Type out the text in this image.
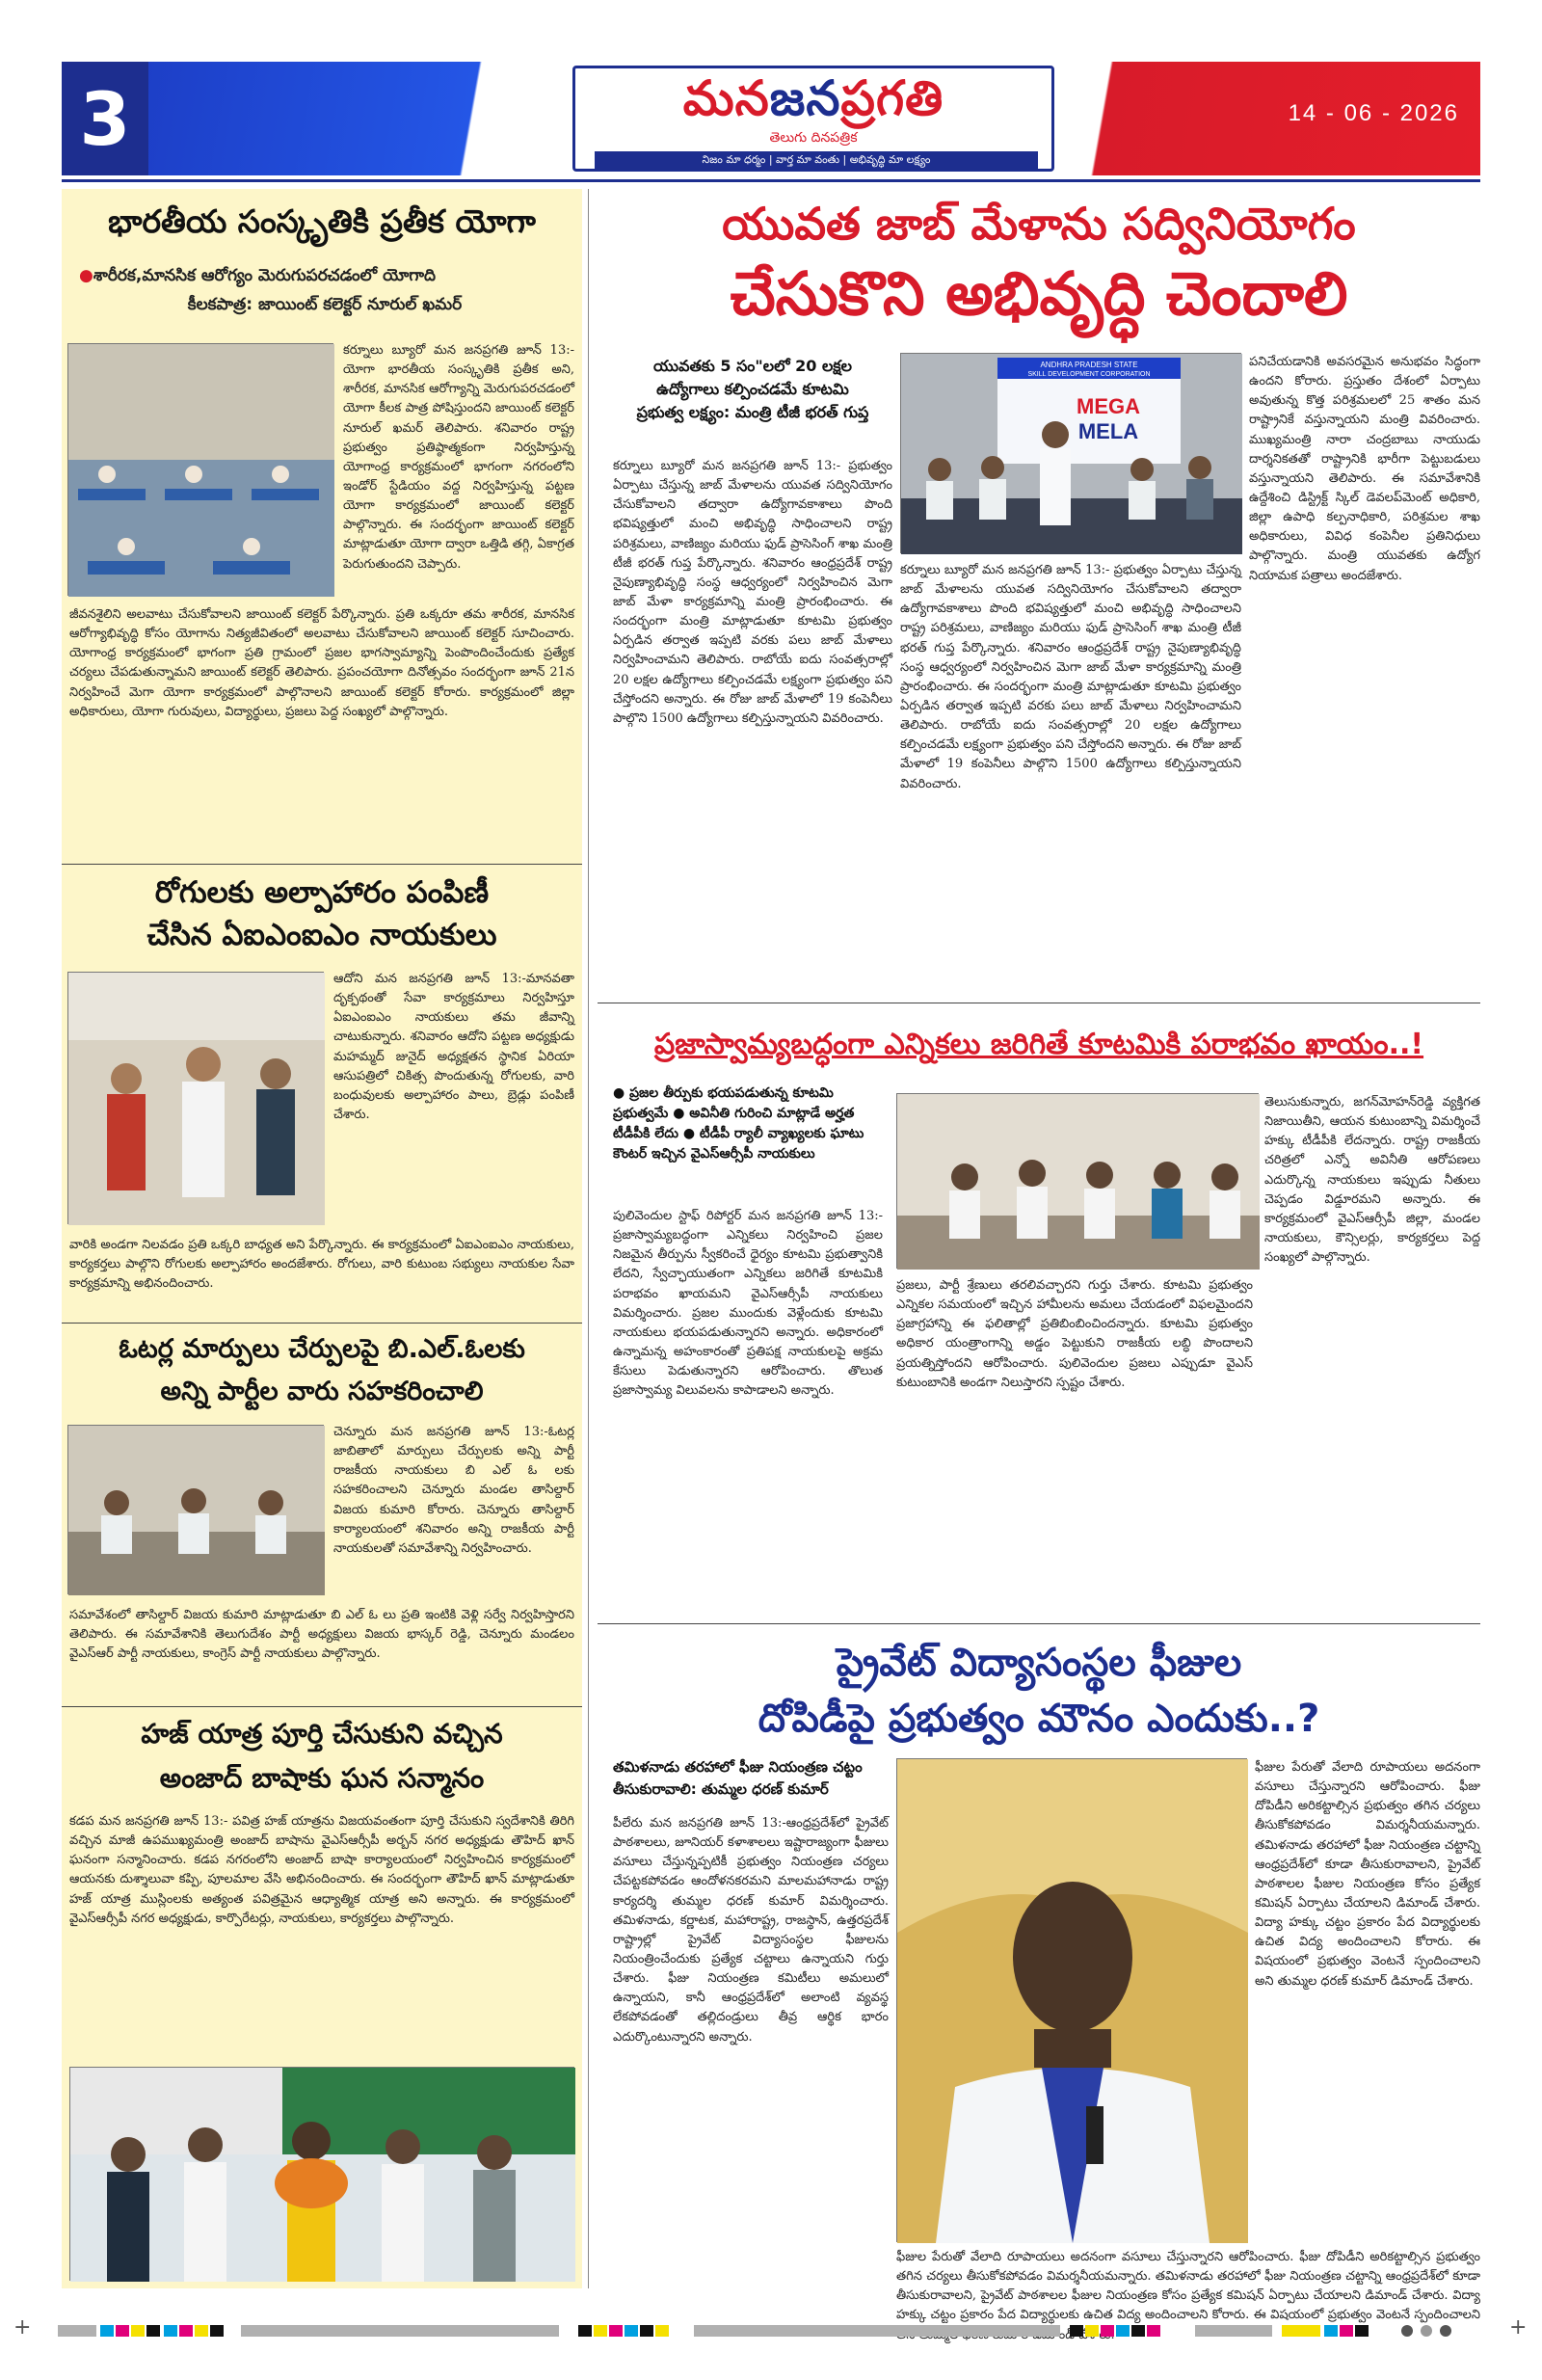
3	మనజనప్రగతి
తెలుగు దినపత్రిక
నిజం మా ధర్మం | వార్త మా వంతు | అభివృద్ధి మా లక్ష్యం
14 - 06 - 2026
భారతీయ సంస్కృతికి ప్రతీక యోగా
●శారీరక,మానసిక ఆరోగ్యం మెరుగుపరచడంలో యోగాది
కీలకపాత్ర: జాయింట్ కలెక్టర్ నూరుల్ ఖమర్
కర్నూలు బ్యూరో మన జనప్రగతి జూన్ 13:- యోగా భారతీయ సంస్కృతికి ప్రతీక అని, శారీరక, మానసిక ఆరోగ్యాన్ని మెరుగుపరచడంలో యోగా కీలక పాత్ర పోషిస్తుందని జాయింట్ కలెక్టర్ నూరుల్ ఖమర్ తెలిపారు. శనివారం రాష్ట్ర ప్రభుత్వం ప్రతిష్ఠాత్మకంగా నిర్వహిస్తున్న యోగాంధ్ర కార్యక్రమంలో భాగంగా నగరంలోని ఇండోర్ స్టేడియం వద్ద నిర్వహిస్తున్న పట్టణ యోగా కార్యక్రమంలో జాయింట్ కలెక్టర్ పాల్గొన్నారు. ఈ సందర్భంగా జాయింట్ కలెక్టర్ మాట్లాడుతూ యోగా ద్వారా ఒత్తిడి తగ్గి, ఏకాగ్రత పెరుగుతుందని చెప్పారు.
జీవనశైలిని అలవాటు చేసుకోవాలని జాయింట్ కలెక్టర్ పేర్కొన్నారు. ప్రతి ఒక్కరూ తమ శారీరక, మానసిక ఆరోగ్యాభివృద్ధి కోసం యోగాను నిత్యజీవితంలో అలవాటు చేసుకోవాలని జాయింట్ కలెక్టర్ సూచించారు. యోగాంధ్ర కార్యక్రమంలో భాగంగా ప్రతి గ్రామంలో ప్రజల భాగస్వామ్యాన్ని పెంపొందించేందుకు ప్రత్యేక చర్యలు చేపడుతున్నామని జాయింట్ కలెక్టర్ తెలిపారు. ప్రపంచయోగా దినోత్సవం సందర్భంగా జూన్ 21న నిర్వహించే మెగా యోగా కార్యక్రమంలో పాల్గొనాలని జాయింట్ కలెక్టర్ కోరారు. కార్యక్రమంలో జిల్లా అధికారులు, యోగా గురువులు, విద్యార్థులు, ప్రజలు పెద్ద సంఖ్యలో పాల్గొన్నారు.
రోగులకు అల్పాహారం పంపిణీ
చేసిన ఏఐఎంఐఎం నాయకులు
ఆదోని మన జనప్రగతి జూన్ 13:-మానవతా దృక్పథంతో సేవా కార్యక్రమాలు నిర్వహిస్తూ ఏఐఎంఐఎం నాయకులు తమ జీవాన్ని చాటుకున్నారు. శనివారం ఆదోని పట్టణ అధ్యక్షుడు మహమ్మద్ జునైద్ అధ్యక్షతన స్థానిక ఏరియా ఆసుపత్రిలో చికిత్స పొందుతున్న రోగులకు, వారి బంధువులకు అల్పాహారం పాలు, బ్రెడ్లు పంపిణీ చేశారు.
వారికి అండగా నిలవడం ప్రతి ఒక్కరి బాధ్యత అని పేర్కొన్నారు. ఈ కార్యక్రమంలో ఏఐఎంఐఎం నాయకులు, కార్యకర్తలు పాల్గొని రోగులకు అల్పాహారం అందజేశారు. రోగులు, వారి కుటుంబ సభ్యులు నాయకుల సేవా కార్యక్రమాన్ని అభినందించారు.
ఓటర్ల మార్పులు చేర్పులపై బి.ఎల్.ఓలకు
అన్ని పార్టీల వారు సహకరించాలి
చెన్నూరు మన జనప్రగతి జూన్ 13:-ఓటర్ల జాబితాలో మార్పులు చేర్పులకు అన్ని పార్టీ రాజకీయ నాయకులు బి ఎల్ ఓ లకు సహకరించాలని చెన్నూరు మండల తాసిల్దార్ విజయ కుమారి కోరారు. చెన్నూరు తాసిల్దార్ కార్యాలయంలో శనివారం అన్ని రాజకీయ పార్టీ నాయకులతో సమావేశాన్ని నిర్వహించారు.
సమావేశంలో తాసిల్దార్ విజయ కుమారి మాట్లాడుతూ బి ఎల్ ఓ లు ప్రతి ఇంటికి వెళ్లి సర్వే నిర్వహిస్తారని తెలిపారు. ఈ సమావేశానికి తెలుగుదేశం పార్టీ అధ్యక్షులు విజయ భాస్కర్ రెడ్డి, చెన్నూరు మండలం వైఎస్ఆర్ పార్టీ నాయకులు, కాంగ్రెస్ పార్టీ నాయకులు పాల్గొన్నారు.
హజ్ యాత్ర పూర్తి చేసుకుని వచ్చిన
అంజాద్ బాషాకు ఘన సన్మానం
కడప మన జనప్రగతి జూన్ 13:- పవిత్ర హజ్ యాత్రను విజయవంతంగా పూర్తి చేసుకుని స్వదేశానికి తిరిగి వచ్చిన మాజీ ఉపముఖ్యమంత్రి అంజాద్ బాషాను వైఎస్ఆర్సీపీ అర్బన్ నగర అధ్యక్షుడు తౌహిద్ ఖాన్ ఘనంగా సన్మానించారు. కడప నగరంలోని అంజాద్ బాషా కార్యాలయంలో నిర్వహించిన కార్యక్రమంలో ఆయనకు దుశ్శాలువా కప్పి, పూలమాల వేసి అభినందించారు. ఈ సందర్భంగా తౌహిద్ ఖాన్ మాట్లాడుతూ హజ్ యాత్ర ముస్లింలకు అత్యంత పవిత్రమైన ఆధ్యాత్మిక యాత్ర అని అన్నారు. ఈ కార్యక్రమంలో వైఎస్ఆర్సీపీ నగర అధ్యక్షుడు, కార్పొరేటర్లు, నాయకులు, కార్యకర్తలు పాల్గొన్నారు.
యువత జాబ్ మేళాను సద్వినియోగం
చేసుకొని అభివృద్ధి చెందాలి
యువతకు 5 సం"లలో 20 లక్షల
ఉద్యోగాలు కల్పించడమే కూటమి
ప్రభుత్వ లక్ష్యం: మంత్రి టీజీ భరత్ గుప్త
ANDHRA PRADESH STATE
SKILL DEVELOPMENT CORPORATION
MEGA
MELA
కర్నూలు బ్యూరో మన జనప్రగతి జూన్ 13:- ప్రభుత్వం ఏర్పాటు చేస్తున్న జాబ్ మేళాలను యువత సద్వినియోగం చేసుకోవాలని తద్వారా ఉద్యోగావకాశాలు పొంది భవిష్యత్తులో మంచి అభివృద్ధి సాధించాలని రాష్ట్ర పరిశ్రమలు, వాణిజ్యం మరియు ఫుడ్ ప్రాసెసింగ్ శాఖ మంత్రి టీజీ భరత్ గుప్త పేర్కొన్నారు. శనివారం ఆంధ్రప్రదేశ్ రాష్ట్ర నైపుణ్యాభివృద్ధి సంస్థ ఆధ్వర్యంలో నిర్వహించిన మెగా జాబ్ మేళా కార్యక్రమాన్ని మంత్రి ప్రారంభించారు. ఈ సందర్భంగా మంత్రి మాట్లాడుతూ కూటమి ప్రభుత్వం ఏర్పడిన తర్వాత ఇప్పటి వరకు పలు జాబ్ మేళాలు నిర్వహించామని తెలిపారు. రాబోయే ఐదు సంవత్సరాల్లో 20 లక్షల ఉద్యోగాలు కల్పించడమే లక్ష్యంగా ప్రభుత్వం పని చేస్తోందని అన్నారు. ఈ రోజు జాబ్ మేళాలో 19 కంపెనీలు పాల్గొని 1500 ఉద్యోగాలు కల్పిస్తున్నాయని వివరించారు.
పనిచేయడానికి అవసరమైన అనుభవం సిద్ధంగా ఉందని కోరారు. ప్రస్తుతం దేశంలో ఏర్పాటు అవుతున్న కొత్త పరిశ్రమలలో 25 శాతం మన రాష్ట్రానికే వస్తున్నాయని మంత్రి వివరించారు. ముఖ్యమంత్రి నారా చంద్రబాబు నాయుడు దార్శనికతతో రాష్ట్రానికి భారీగా పెట్టుబడులు వస్తున్నాయని తెలిపారు. ఈ సమావేశానికి ఉద్దేశించి డిస్ట్రిక్ట్ స్కిల్ డెవలప్‌మెంట్ అధికారి, జిల్లా ఉపాధి కల్పనాధికారి, పరిశ్రమల శాఖ అధికారులు, వివిధ కంపెనీల ప్రతినిధులు పాల్గొన్నారు. మంత్రి యువతకు ఉద్యోగ నియామక పత్రాలు అందజేశారు.
కర్నూలు బ్యూరో మన జనప్రగతి జూన్ 13:- ప్రభుత్వం ఏర్పాటు చేస్తున్న జాబ్ మేళాలను యువత సద్వినియోగం చేసుకోవాలని తద్వారా ఉద్యోగావకాశాలు పొంది భవిష్యత్తులో మంచి అభివృద్ధి సాధించాలని రాష్ట్ర పరిశ్రమలు, వాణిజ్యం మరియు ఫుడ్ ప్రాసెసింగ్ శాఖ మంత్రి టీజీ భరత్ గుప్త పేర్కొన్నారు. శనివారం ఆంధ్రప్రదేశ్ రాష్ట్ర నైపుణ్యాభివృద్ధి సంస్థ ఆధ్వర్యంలో నిర్వహించిన మెగా జాబ్ మేళా కార్యక్రమాన్ని మంత్రి ప్రారంభించారు. ఈ సందర్భంగా మంత్రి మాట్లాడుతూ కూటమి ప్రభుత్వం ఏర్పడిన తర్వాత ఇప్పటి వరకు పలు జాబ్ మేళాలు నిర్వహించామని తెలిపారు. రాబోయే ఐదు సంవత్సరాల్లో 20 లక్షల ఉద్యోగాలు కల్పించడమే లక్ష్యంగా ప్రభుత్వం పని చేస్తోందని అన్నారు. ఈ రోజు జాబ్ మేళాలో 19 కంపెనీలు పాల్గొని 1500 ఉద్యోగాలు కల్పిస్తున్నాయని వివరించారు.
ప్రజాస్వామ్యబద్ధంగా ఎన్నికలు జరిగితే కూటమికి పరాభవం ఖాయం..!
● ప్రజల తీర్పుకు భయపడుతున్న కూటమి ప్రభుత్వమే ● అవినీతి గురించి మాట్లాడే అర్హత టీడీపీకి లేదు ● టీడీపీ ర్యాలీ వ్యాఖ్యలకు ఘాటు కౌంటర్ ఇచ్చిన వైఎస్ఆర్సీపీ నాయకులు
పులివెందుల స్టాఫ్ రిపోర్టర్ మన జనప్రగతి జూన్ 13:-ప్రజాస్వామ్యబద్ధంగా ఎన్నికలు నిర్వహించి ప్రజల నిజమైన తీర్పును స్వీకరించే ధైర్యం కూటమి ప్రభుత్వానికి లేదని, స్వేచ్ఛాయుతంగా ఎన్నికలు జరిగితే కూటమికి పరాభవం ఖాయమని వైఎస్ఆర్సీపీ నాయకులు విమర్శించారు. ప్రజల ముందుకు వెళ్లేందుకు కూటమి నాయకులు భయపడుతున్నారని అన్నారు. అధికారంలో ఉన్నామన్న అహంకారంతో ప్రతిపక్ష నాయకులపై అక్రమ కేసులు పెడుతున్నారని ఆరోపించారు. తొలుత ప్రజాస్వామ్య విలువలను కాపాడాలని అన్నారు.
ప్రజలు, పార్టీ శ్రేణులు తరలివచ్చారని గుర్తు చేశారు. కూటమి ప్రభుత్వం ఎన్నికల సమయంలో ఇచ్చిన హామీలను అమలు చేయడంలో విఫలమైందని ప్రజాగ్రహాన్ని ఈ ఫలితాల్లో ప్రతిబింబించిందన్నారు. కూటమి ప్రభుత్వం అధికార యంత్రాంగాన్ని అడ్డం పెట్టుకుని రాజకీయ లబ్ధి పొందాలని ప్రయత్నిస్తోందని ఆరోపించారు. పులివెందుల ప్రజలు ఎప్పుడూ వైఎస్ కుటుంబానికి అండగా నిలుస్తారని స్పష్టం చేశారు.
తెలుసుకున్నారు, జగన్‌మోహన్‌రెడ్డి వ్యక్తిగత నిజాయితీని, ఆయన కుటుంబాన్ని విమర్శించే హక్కు టీడీపీకి లేదన్నారు. రాష్ట్ర రాజకీయ చరిత్రలో ఎన్నో అవినీతి ఆరోపణలు ఎదుర్కొన్న నాయకులు ఇప్పుడు నీతులు చెప్పడం విడ్డూరమని అన్నారు. ఈ కార్యక్రమంలో వైఎస్ఆర్సీపీ జిల్లా, మండల నాయకులు, కౌన్సిలర్లు, కార్యకర్తలు పెద్ద సంఖ్యలో పాల్గొన్నారు.
ప్రైవేట్ విద్యాసంస్థల ఫీజుల
దోపిడీపై ప్రభుత్వం మౌనం ఎందుకు..?
తమిళనాడు తరహాలో ఫీజు నియంత్రణ చట్టం
తీసుకురావాలి: తుమ్మల ధరణ్ కుమార్
పీలేరు మన జనప్రగతి జూన్ 13:-ఆంధ్రప్రదేశ్‌లో ప్రైవేట్ పాఠశాలలు, జూనియర్ కళాశాలలు ఇష్టారాజ్యంగా ఫీజులు వసూలు చేస్తున్నప్పటికీ ప్రభుత్వం నియంత్రణ చర్యలు చేపట్టకపోవడం ఆందోళనకరమని మాలమహానాడు రాష్ట్ర కార్యదర్శి తుమ్మల ధరణ్ కుమార్ విమర్శించారు. తమిళనాడు, కర్ణాటక, మహారాష్ట్ర, రాజస్థాన్, ఉత్తరప్రదేశ్ రాష్ట్రాల్లో ప్రైవేట్ విద్యాసంస్థల ఫీజులను నియంత్రించేందుకు ప్రత్యేక చట్టాలు ఉన్నాయని గుర్తు చేశారు. ఫీజు నియంత్రణ కమిటీలు అమలులో ఉన్నాయని, కానీ ఆంధ్రప్రదేశ్‌లో అలాంటి వ్యవస్థ లేకపోవడంతో తల్లిదండ్రులు తీవ్ర ఆర్థిక భారం ఎదుర్కొంటున్నారని అన్నారు.
ఫీజుల పేరుతో వేలాది రూపాయలు అదనంగా వసూలు చేస్తున్నారని ఆరోపించారు. ఫీజు దోపిడీని అరికట్టాల్సిన ప్రభుత్వం తగిన చర్యలు తీసుకోకపోవడం విమర్శనీయమన్నారు. తమిళనాడు తరహాలో ఫీజు నియంత్రణ చట్టాన్ని ఆంధ్రప్రదేశ్‌లో కూడా తీసుకురావాలని, ప్రైవేట్ పాఠశాలల ఫీజుల నియంత్రణ కోసం ప్రత్యేక కమిషన్ ఏర్పాటు చేయాలని డిమాండ్ చేశారు. విద్యా హక్కు చట్టం ప్రకారం పేద విద్యార్థులకు ఉచిత విద్య అందించాలని కోరారు. ఈ విషయంలో ప్రభుత్వం వెంటనే స్పందించాలని అని తుమ్మల ధరణ్ కుమార్ డిమాండ్ చేశారు.
ఫీజుల పేరుతో వేలాది రూపాయలు అదనంగా వసూలు చేస్తున్నారని ఆరోపించారు. ఫీజు దోపిడీని అరికట్టాల్సిన ప్రభుత్వం తగిన చర్యలు తీసుకోకపోవడం విమర్శనీయమన్నారు. తమిళనాడు తరహాలో ఫీజు నియంత్రణ చట్టాన్ని ఆంధ్రప్రదేశ్‌లో కూడా తీసుకురావాలని, ప్రైవేట్ పాఠశాలల ఫీజుల నియంత్రణ కోసం ప్రత్యేక కమిషన్ ఏర్పాటు చేయాలని డిమాండ్ చేశారు. విద్యా హక్కు చట్టం ప్రకారం పేద విద్యార్థులకు ఉచిత విద్య అందించాలని కోరారు. ఈ విషయంలో ప్రభుత్వం వెంటనే స్పందించాలని
+	+
